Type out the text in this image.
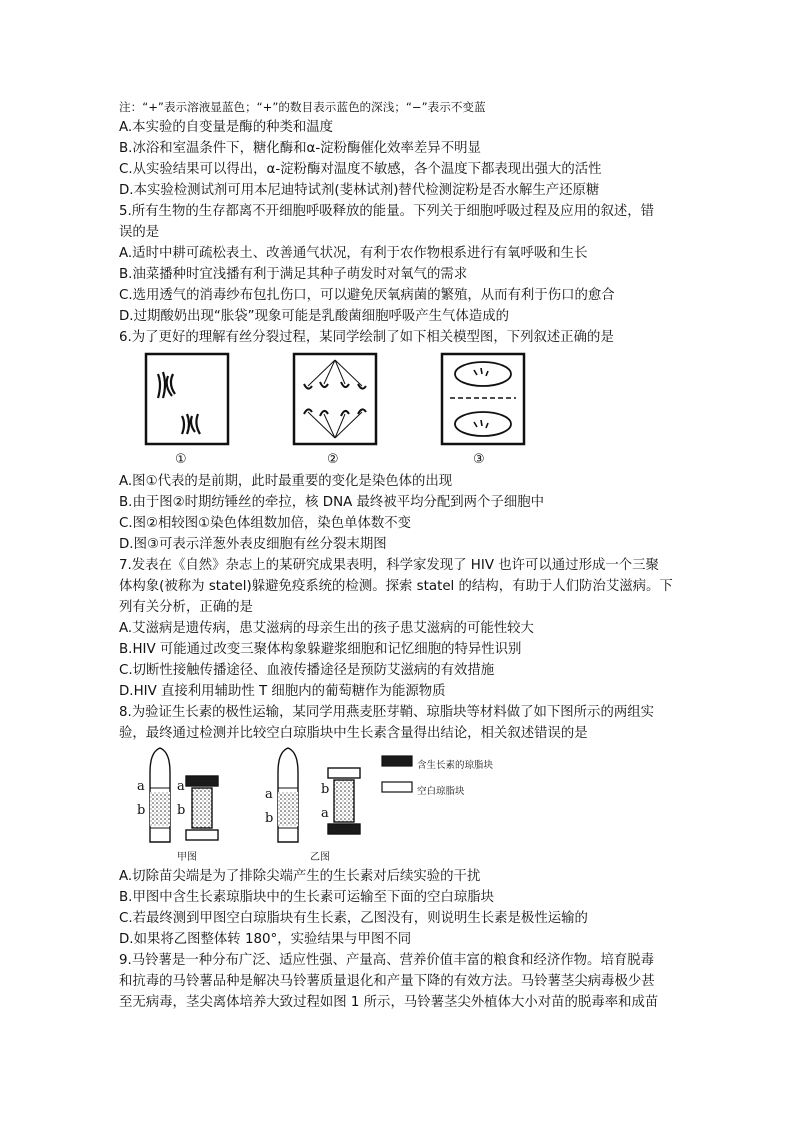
注：“+”表示溶液显蓝色；“+”的数目表示蓝色的深浅；“−”表示不变蓝
A.本实验的自变量是酶的种类和温度
B.冰浴和室温条件下，糖化酶和α-淀粉酶催化效率差异不明显
C.从实验结果可以得出，α-淀粉酶对温度不敏感，各个温度下都表现出强大的活性
D.本实验检测试剂可用本尼迪特试剂(斐林试剂)替代检测淀粉是否水解生产还原糖
5.所有生物的生存都离不开细胞呼吸释放的能量。下列关于细胞呼吸过程及应用的叙述，错
误的是
A.适时中耕可疏松表土、改善通气状况，有利于农作物根系进行有氧呼吸和生长
B.油菜播种时宜浅播有利于满足其种子萌发时对氧气的需求
C.选用透气的消毒纱布包扎伤口，可以避免厌氧病菌的繁殖，从而有利于伤口的愈合
D.过期酸奶出现“胀袋”现象可能是乳酸菌细胞呼吸产生气体造成的
6.为了更好的理解有丝分裂过程，某同学绘制了如下相关模型图，下列叙述正确的是
①	②	③
A.图①代表的是前期，此时最重要的变化是染色体的出现
B.由于图②时期纺锤丝的牵拉，核 DNA 最终被平均分配到两个子细胞中
C.图②相较图①染色体组数加倍，染色单体数不变
D.图③可表示洋葱外表皮细胞有丝分裂末期图
7.发表在《自然》杂志上的某研究成果表明，科学家发现了 HIV 也许可以通过形成一个三聚
体构象(被称为 statel)躲避免疫系统的检测。探索 statel 的结构，有助于人们防治艾滋病。下
列有关分析，正确的是
A.艾滋病是遗传病，患艾滋病的母亲生出的孩子患艾滋病的可能性较大
B.HIV 可能通过改变三聚体构象躲避浆细胞和记忆细胞的特异性识别
C.切断性接触传播途径、血液传播途径是预防艾滋病的有效措施
D.HIV 直接利用辅助性 T 细胞内的葡萄糖作为能源物质
8.为验证生长素的极性运输，某同学用燕麦胚芽鞘、琼脂块等材料做了如下图所示的两组实
验，最终通过检测并比较空白琼脂块中生长素含量得出结论，相关叙述错误的是
a
b
a
b
a
b
b
a
甲图	乙图
含生长素的琼脂块
空白琼脂块
A.切除苗尖端是为了排除尖端产生的生长素对后续实验的干扰
B.甲图中含生长素琼脂块中的生长素可运输至下面的空白琼脂块
C.若最终测到甲图空白琼脂块有生长素，乙图没有，则说明生长素是极性运输的
D.如果将乙图整体转 180°，实验结果与甲图不同
9.马铃薯是一种分布广泛、适应性强、产量高、营养价值丰富的粮食和经济作物。培育脱毒
和抗毒的马铃薯品种是解决马铃薯质量退化和产量下降的有效方法。马铃薯茎尖病毒极少甚
至无病毒，茎尖离体培养大致过程如图 1 所示，马铃薯茎尖外植体大小对苗的脱毒率和成苗
